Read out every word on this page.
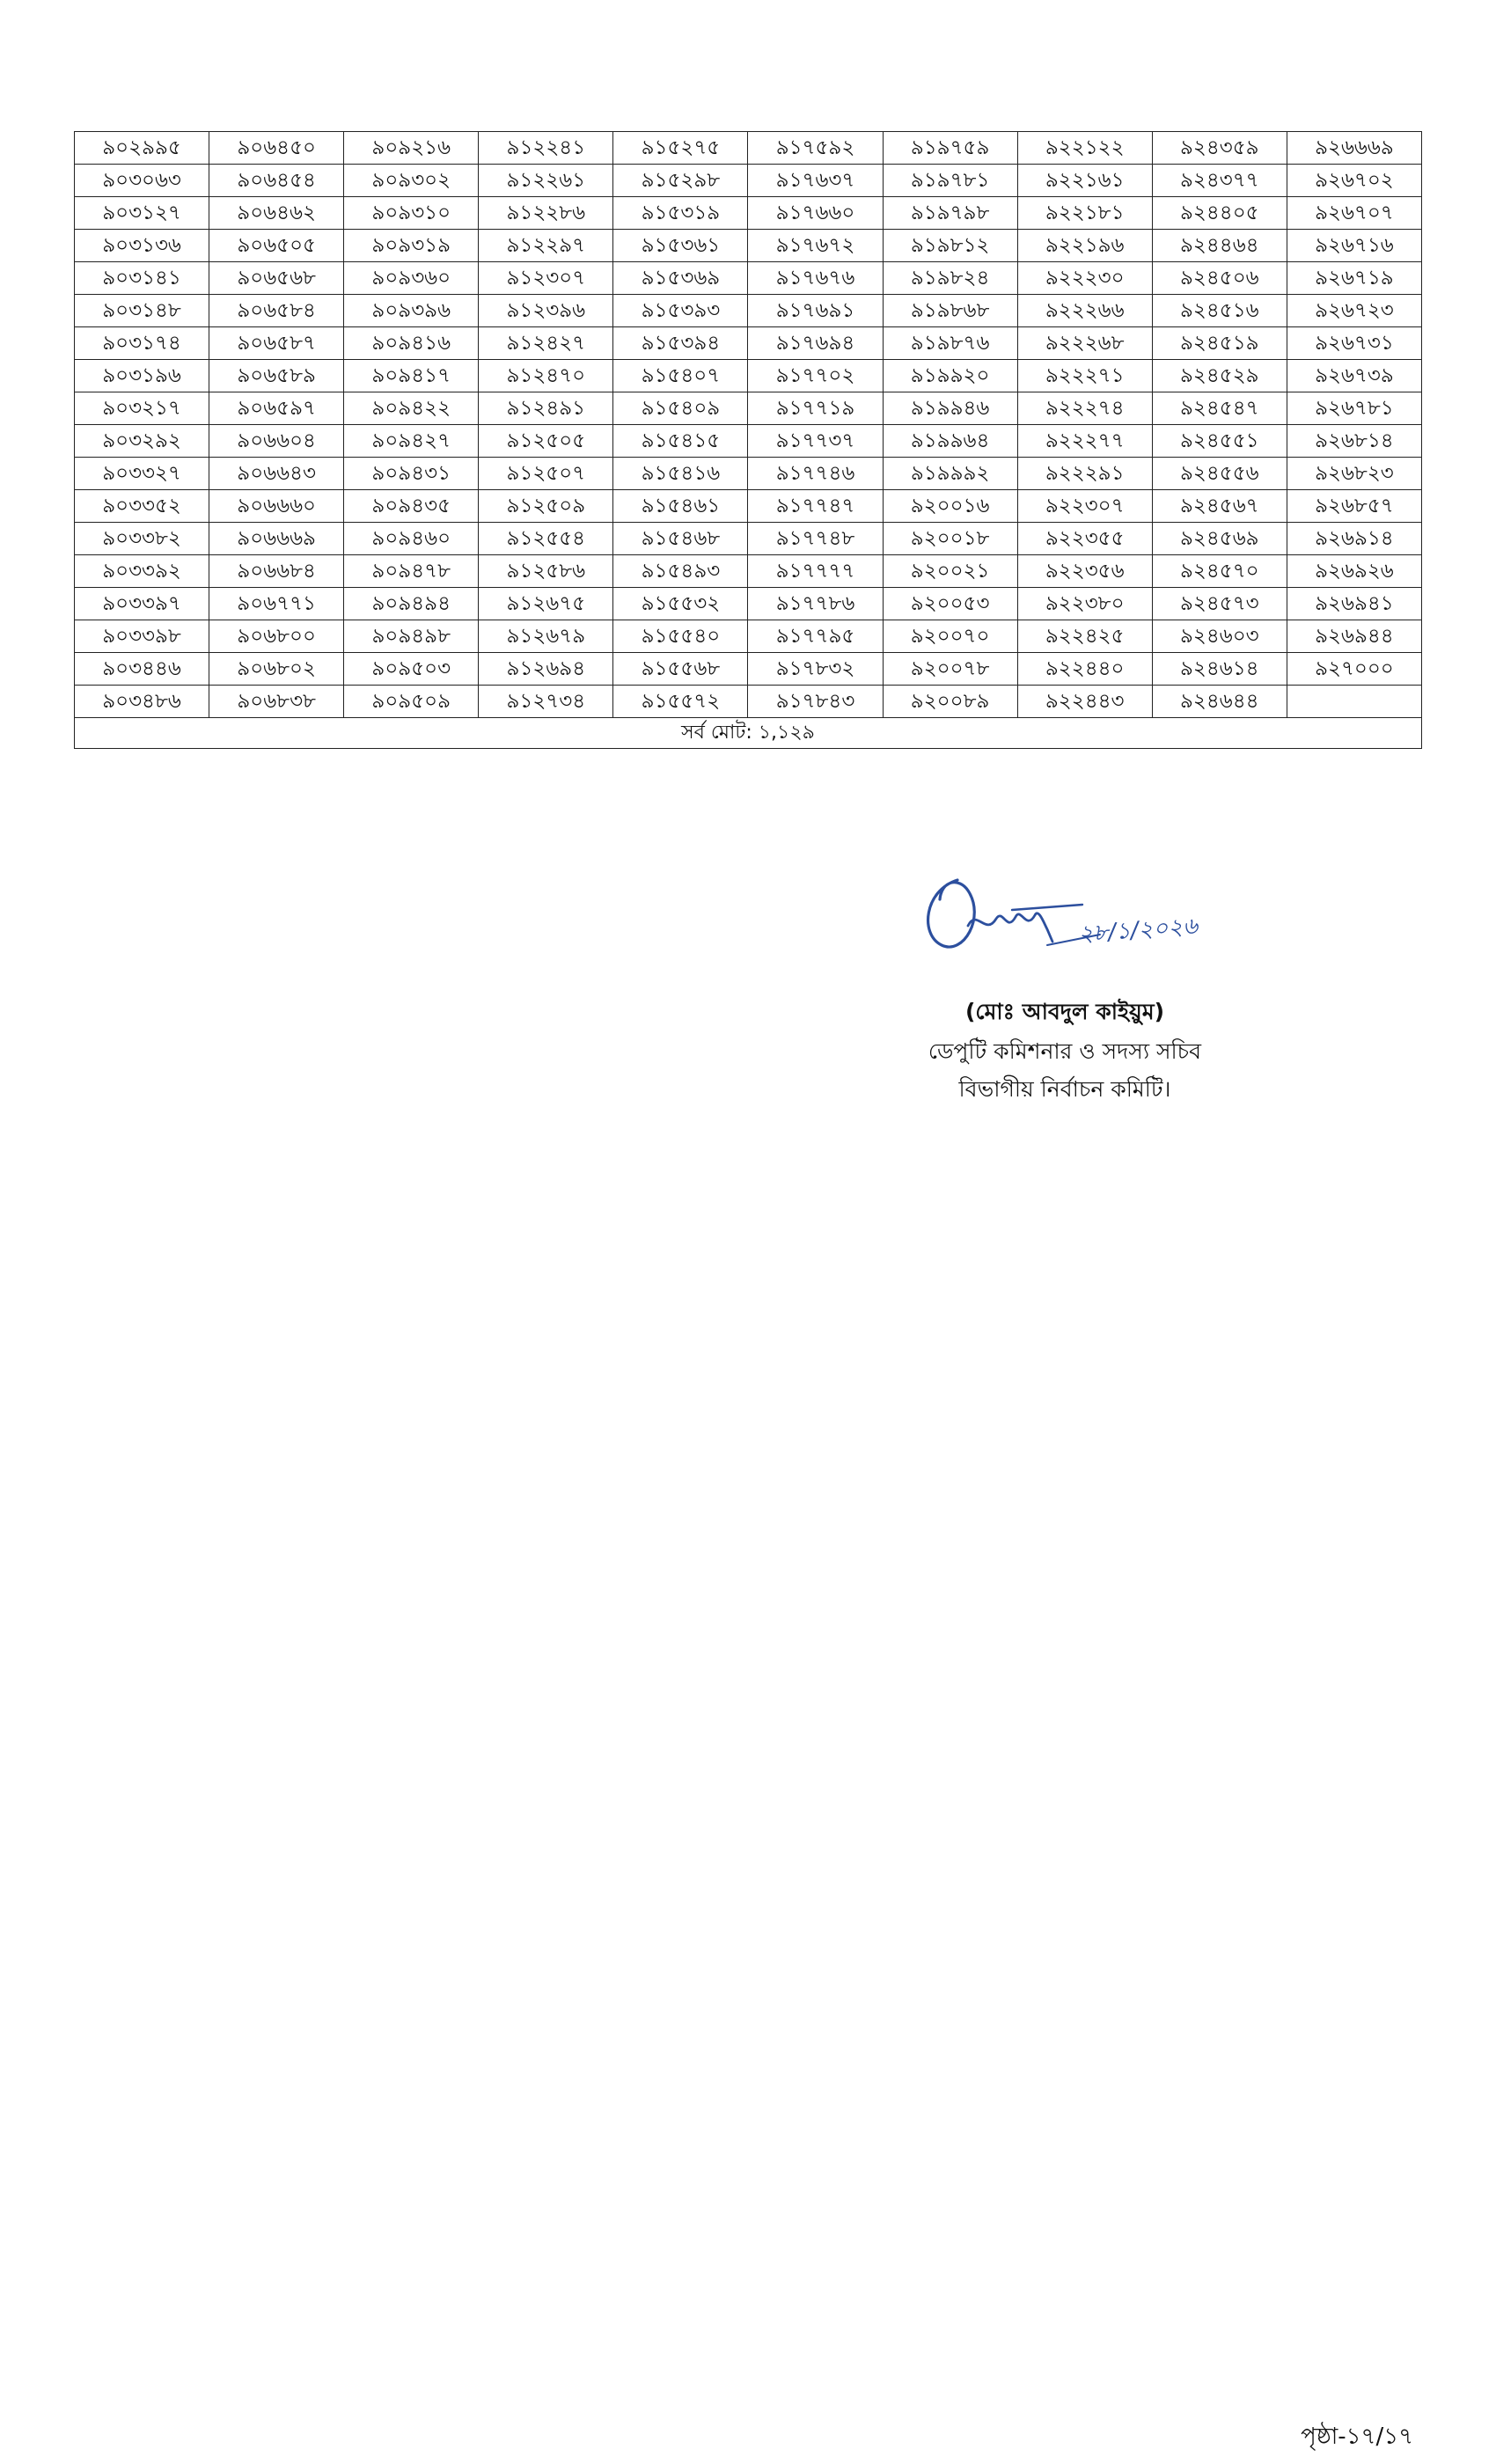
৯০২৯৯৫	৯০৬৪৫০	৯০৯২১৬	৯১২২৪১	৯১৫২৭৫	৯১৭৫৯২	৯১৯৭৫৯	৯২২১২২	৯২৪৩৫৯	৯২৬৬৬৯
৯০৩০৬৩	৯০৬৪৫৪	৯০৯৩০২	৯১২২৬১	৯১৫২৯৮	৯১৭৬৩৭	৯১৯৭৮১	৯২২১৬১	৯২৪৩৭৭	৯২৬৭০২
৯০৩১২৭	৯০৬৪৬২	৯০৯৩১০	৯১২২৮৬	৯১৫৩১৯	৯১৭৬৬০	৯১৯৭৯৮	৯২২১৮১	৯২৪৪০৫	৯২৬৭০৭
৯০৩১৩৬	৯০৬৫০৫	৯০৯৩১৯	৯১২২৯৭	৯১৫৩৬১	৯১৭৬৭২	৯১৯৮১২	৯২২১৯৬	৯২৪৪৬৪	৯২৬৭১৬
৯০৩১৪১	৯০৬৫৬৮	৯০৯৩৬০	৯১২৩০৭	৯১৫৩৬৯	৯১৭৬৭৬	৯১৯৮২৪	৯২২২৩০	৯২৪৫০৬	৯২৬৭১৯
৯০৩১৪৮	৯০৬৫৮৪	৯০৯৩৯৬	৯১২৩৯৬	৯১৫৩৯৩	৯১৭৬৯১	৯১৯৮৬৮	৯২২২৬৬	৯২৪৫১৬	৯২৬৭২৩
৯০৩১৭৪	৯০৬৫৮৭	৯০৯৪১৬	৯১২৪২৭	৯১৫৩৯৪	৯১৭৬৯৪	৯১৯৮৭৬	৯২২২৬৮	৯২৪৫১৯	৯২৬৭৩১
৯০৩১৯৬	৯০৬৫৮৯	৯০৯৪১৭	৯১২৪৭০	৯১৫৪০৭	৯১৭৭০২	৯১৯৯২০	৯২২২৭১	৯২৪৫২৯	৯২৬৭৩৯
৯০৩২১৭	৯০৬৫৯৭	৯০৯৪২২	৯১২৪৯১	৯১৫৪০৯	৯১৭৭১৯	৯১৯৯৪৬	৯২২২৭৪	৯২৪৫৪৭	৯২৬৭৮১
৯০৩২৯২	৯০৬৬০৪	৯০৯৪২৭	৯১২৫০৫	৯১৫৪১৫	৯১৭৭৩৭	৯১৯৯৬৪	৯২২২৭৭	৯২৪৫৫১	৯২৬৮১৪
৯০৩৩২৭	৯০৬৬৪৩	৯০৯৪৩১	৯১২৫০৭	৯১৫৪১৬	৯১৭৭৪৬	৯১৯৯৯২	৯২২২৯১	৯২৪৫৫৬	৯২৬৮২৩
৯০৩৩৫২	৯০৬৬৬০	৯০৯৪৩৫	৯১২৫০৯	৯১৫৪৬১	৯১৭৭৪৭	৯২০০১৬	৯২২৩০৭	৯২৪৫৬৭	৯২৬৮৫৭
৯০৩৩৮২	৯০৬৬৬৯	৯০৯৪৬০	৯১২৫৫৪	৯১৫৪৬৮	৯১৭৭৪৮	৯২০০১৮	৯২২৩৫৫	৯২৪৫৬৯	৯২৬৯১৪
৯০৩৩৯২	৯০৬৬৮৪	৯০৯৪৭৮	৯১২৫৮৬	৯১৫৪৯৩	৯১৭৭৭৭	৯২০০২১	৯২২৩৫৬	৯২৪৫৭০	৯২৬৯২৬
৯০৩৩৯৭	৯০৬৭৭১	৯০৯৪৯৪	৯১২৬৭৫	৯১৫৫৩২	৯১৭৭৮৬	৯২০০৫৩	৯২২৩৮০	৯২৪৫৭৩	৯২৬৯৪১
৯০৩৩৯৮	৯০৬৮০০	৯০৯৪৯৮	৯১২৬৭৯	৯১৫৫৪০	৯১৭৭৯৫	৯২০০৭০	৯২২৪২৫	৯২৪৬০৩	৯২৬৯৪৪
৯০৩৪৪৬	৯০৬৮০২	৯০৯৫০৩	৯১২৬৯৪	৯১৫৫৬৮	৯১৭৮৩২	৯২০০৭৮	৯২২৪৪০	৯২৪৬১৪	৯২৭০০০
৯০৩৪৮৬	৯০৬৮৩৮	৯০৯৫০৯	৯১২৭৩৪	৯১৫৫৭২	৯১৭৮৪৩	৯২০০৮৯	৯২২৪৪৩	৯২৪৬৪৪	
সর্ব মোট: ১,১২৯									
২৮/১/২০২৬
(মোঃ আবদুল কাইয়ুম)
ডেপুটি কমিশনার ও সদস্য সচিব
বিভাগীয় নির্বাচন কমিটি।
পৃষ্ঠা-১৭/১৭
